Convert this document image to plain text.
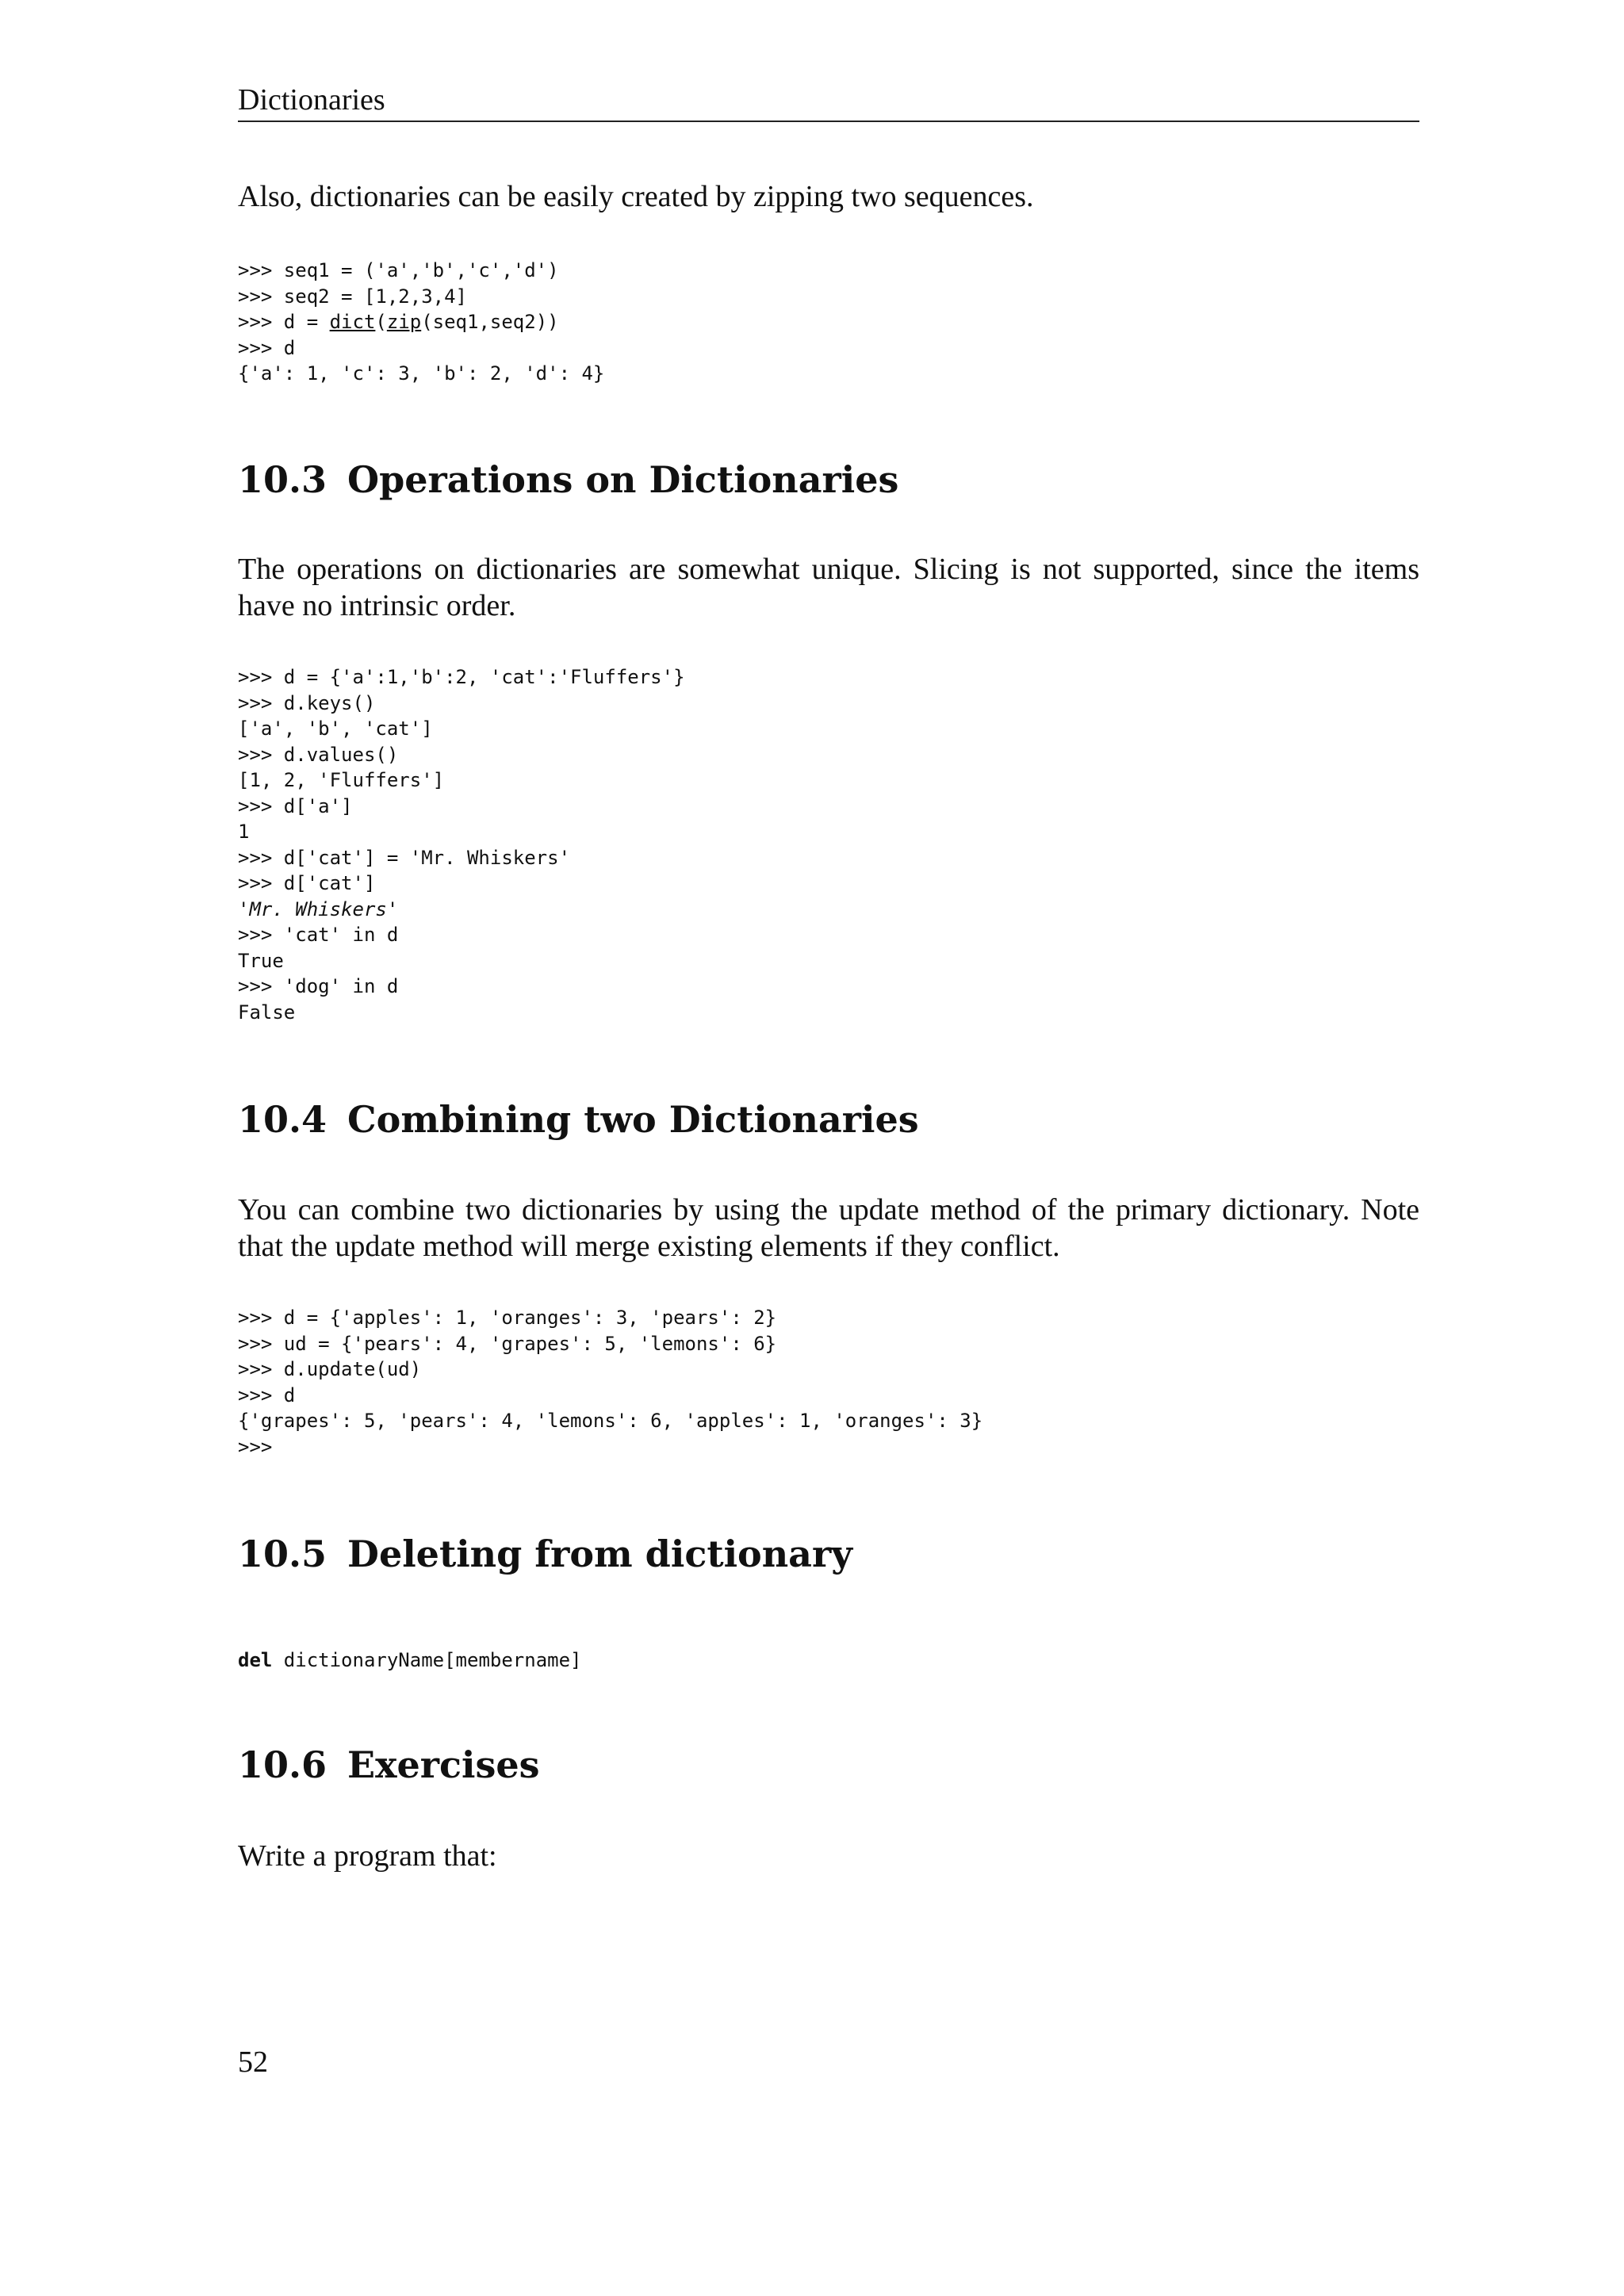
Dictionaries

Also, dictionaries can be easily created by zipping two sequences.

>>> seq1 = ('a','b','c','d')
>>> seq2 = [1,2,3,4]
>>> d = dict(zip(seq1,seq2))
>>> d
{'a': 1, 'c': 3, 'b': 2, 'd': 4}
10.3 Operations on Dictionaries

The operations on dictionaries are somewhat unique. Slicing is not supported, since the items have no intrinsic order.

>>> d = {'a':1,'b':2, 'cat':'Fluffers'}
>>> d.keys()
['a', 'b', 'cat']
>>> d.values()
[1, 2, 'Fluffers']
>>> d['a']
1
>>> d['cat'] = 'Mr. Whiskers'
>>> d['cat']
'Mr. Whiskers'
>>> 'cat' in d
True
>>> 'dog' in d
False
10.4 Combining two Dictionaries

You can combine two dictionaries by using the update method of the primary dictionary. Note that the update method will merge existing elements if they conflict.

>>> d = {'apples': 1, 'oranges': 3, 'pears': 2}
>>> ud = {'pears': 4, 'grapes': 5, 'lemons': 6}
>>> d.update(ud)
>>> d
{'grapes': 5, 'pears': 4, 'lemons': 6, 'apples': 1, 'oranges': 3}
>>>
10.5 Deleting from dictionary
del dictionaryName[membername]
10.6 Exercises

Write a program that:

52
